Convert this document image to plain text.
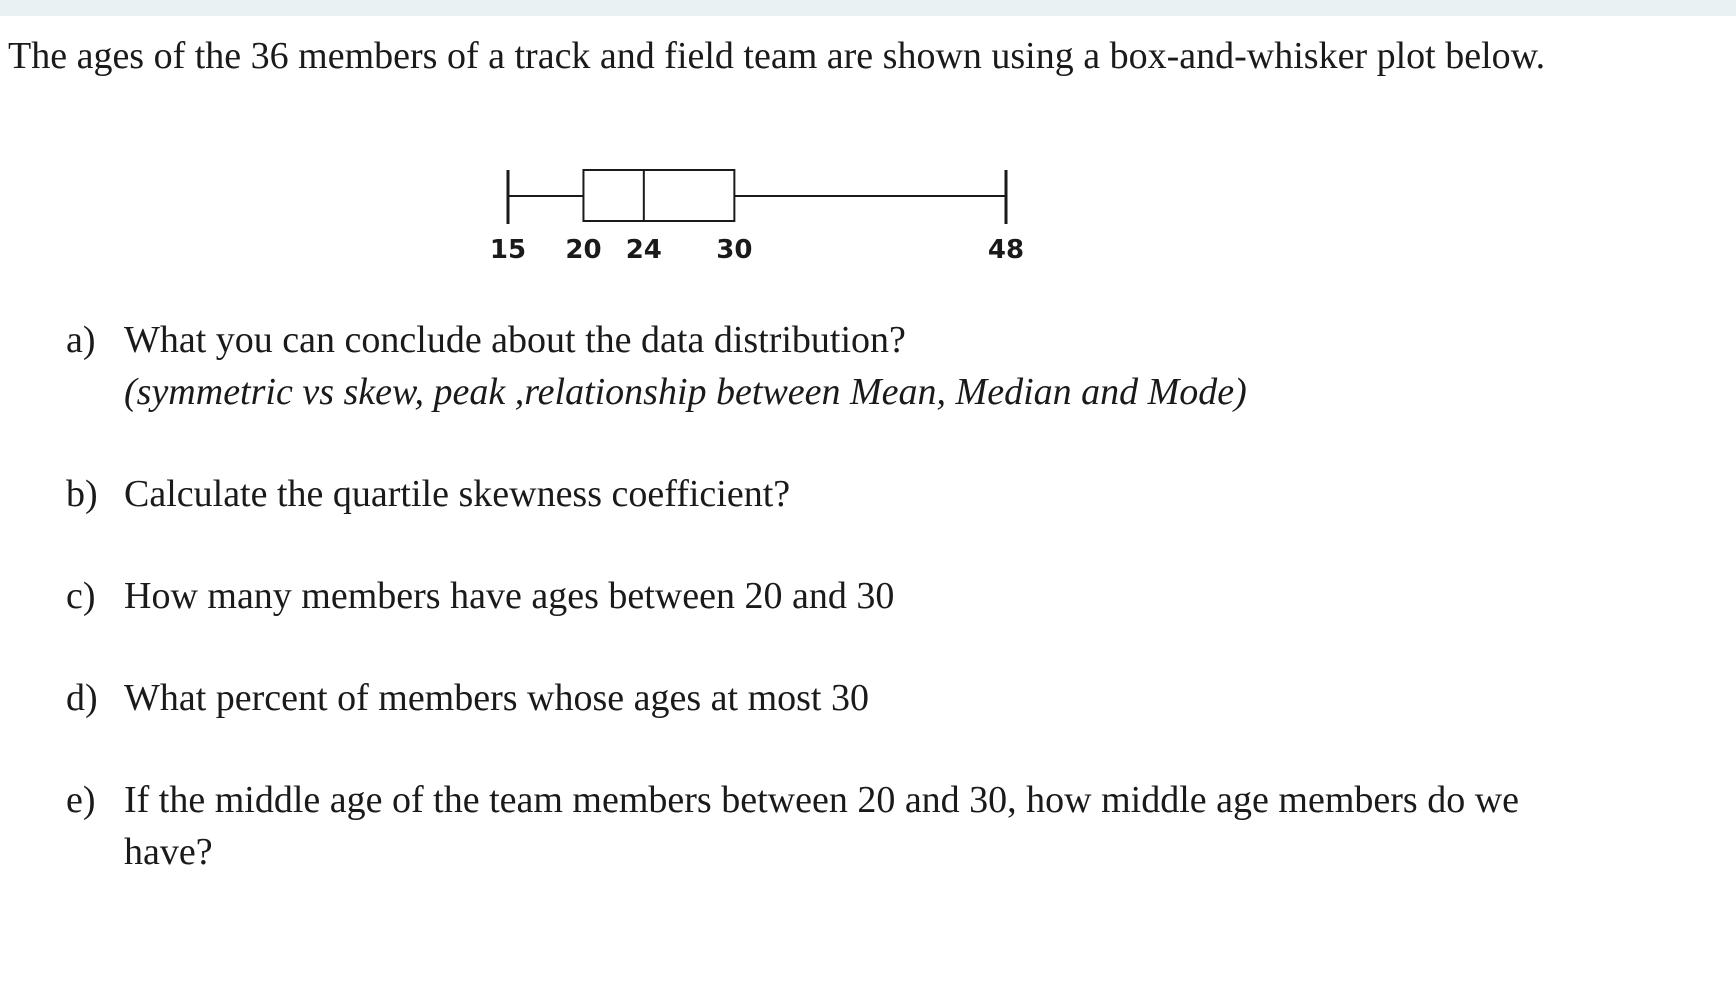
The ages of the 36 members of a track and field team are shown using a box-and-whisker plot below.

15 20 24 30	48
a) What you can conclude about the data distribution?

(symmetric vs skew, peak ,relationship between Mean, Median and Mode)

b) Calculate the quartile skewness coefficient?
c) How many members have ages between 20 and 30
d) What percent of members whose ages at most 30
e) If the middle age of the team members between 20 and 30, how middle age members do we have?
